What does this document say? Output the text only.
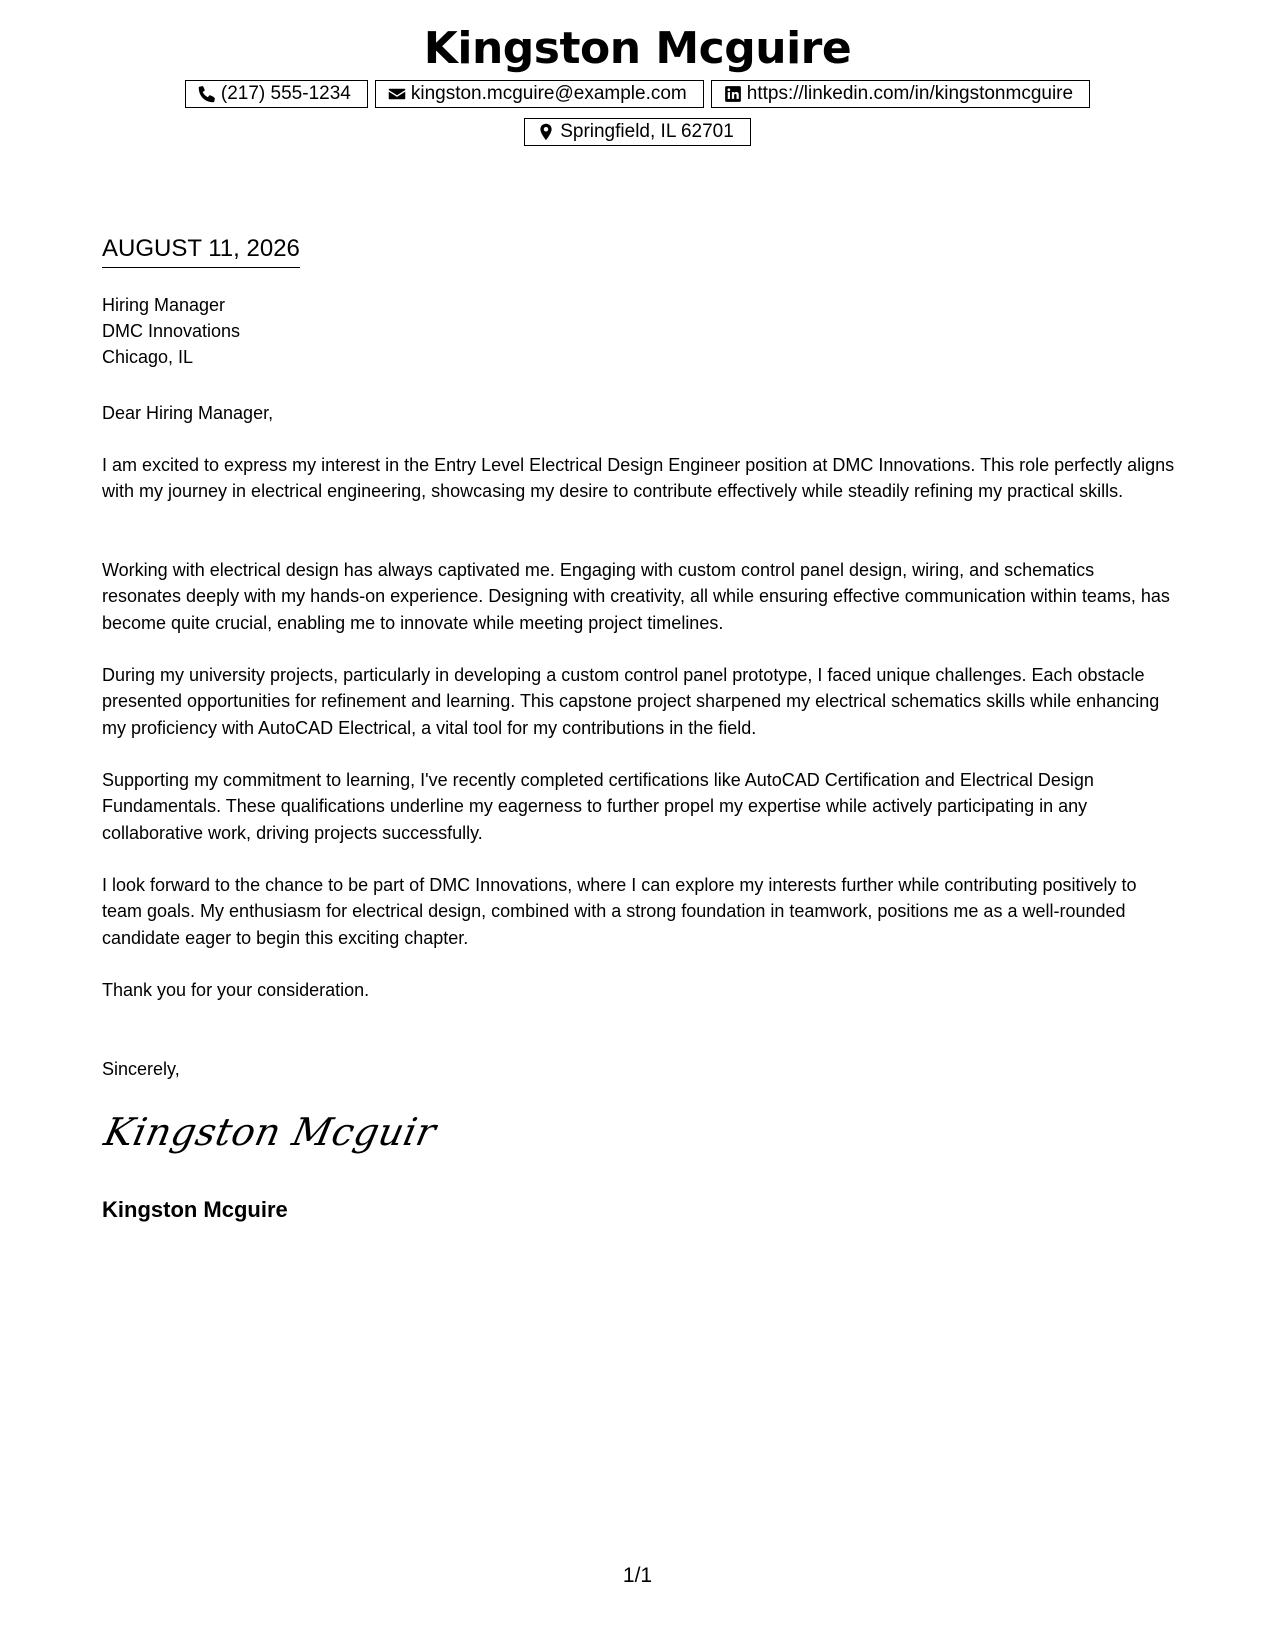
Kingston Mcguire
(217) 555-1234	kingston.mcguire@example.com	https://linkedin.com/in/kingstonmcguire
Springfield, IL 62701
AUGUST 11, 2026
Hiring Manager
DMC Innovations
Chicago, IL
Dear Hiring Manager,

I am excited to express my interest in the Entry Level Electrical Design Engineer position at DMC Innovations. This role perfectly aligns with my journey in electrical engineering, showcasing my desire to contribute effectively while steadily refining my practical skills.

Working with electrical design has always captivated me. Engaging with custom control panel design, wiring, and schematics resonates deeply with my hands-on experience. Designing with creativity, all while ensuring effective communication within teams, has become quite crucial, enabling me to innovate while meeting project timelines.

During my university projects, particularly in developing a custom control panel prototype, I faced unique challenges. Each obstacle presented opportunities for refinement and learning. This capstone project sharpened my electrical schematics skills while enhancing my proficiency with AutoCAD Electrical, a vital tool for my contributions in the field.

Supporting my commitment to learning, I've recently completed certifications like AutoCAD Certification and Electrical Design Fundamentals. These qualifications underline my eagerness to further propel my expertise while actively participating in any collaborative work, driving projects successfully.

I look forward to the chance to be part of DMC Innovations, where I can explore my interests further while contributing positively to team goals. My enthusiasm for electrical design, combined with a strong foundation in teamwork, positions me as a well-rounded candidate eager to begin this exciting chapter.

Thank you for your consideration.
Sincerely,
Kingston Mcguir
Kingston Mcguire
1/1
